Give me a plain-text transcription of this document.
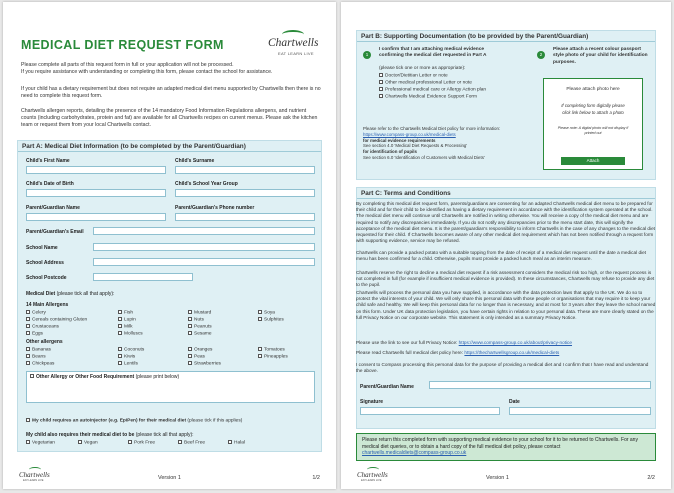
MEDICAL DIET REQUEST FORM	Chartwells
EAT LEARN LIVE
Please complete all parts of this request form in full or your application will not be processed.
If you require assistance with understanding or completing this form, please contact the school for assistance.
If your child has a dietary requirement but does not require an adapted medical diet menu supported by Chartwells then there is no need to complete this request form.
Chartwells allergen reports, detailing the presence of the 14 mandatory Food Information Regulations allergens, and nutrient counts (including carbohydrates, protein and fat) are available for all Chartwells recipes on current menus. Please ask the kitchen team or request them from your local Chartwells contact.
Part A: Medical Diet Information (to be completed by the Parent/Guardian)
Child's First Name	Child's Surname
Child's Date of Birth	Child's School Year Group
Parent/Guardian Name	Parent/Guardian's Phone number
Parent/Guardian's Email
School Name
School Address
School Postcode
Medical Diet (please tick all that apply):
14 Main Allergens
Celery	Fish	Mustard	Soya
Cereals containing Gluten	Lupin	Nuts	Sulphites
Crustaceans	Milk	Peanuts
Eggs	Molluscs	Sesame
Other allergens
Bananas	Coconuts	Oranges	Tomatoes
Beans	Kiwis	Peas	Pineapples
Chickpeas	Lentils	Strawberries
Other Allergy or Other Food Requirement (please print below)
My child requires an autoinjector (e.g. EpiPen) for their medical diet (please tick if this applies)
My child also requires their medical diet to be (please tick all that apply):
Vegetarian	Vegan	Pork Free	Beef Free	Halal
Chartwells
EAT LEARN LIVE	Version 1	1/2
Part B: Supporting Documentation (to be provided by the Parent/Guardian)
1
I confirm that I am attaching medical evidence confirming the medical diet requested in Part A
(please tick one or more as appropriate):
Doctor/Dietitian Letter or note
Other medical professional Letter or note
Professional medical care or Allergy Action plan
Chartwells Medical Evidence Support Form
Please refer to the Chartwells Medical Diet policy for more information:
https://www.compass-group.co.uk/medical-diets
for medical evidence requirements
See section 4.0 'Medical Diet Requests & Processing'
for identification of pupils
See section 6.0 'Identification of Customers with Medical Diets'
2
Please attach a recent colour passport style photo of your child for identification purposes.
Please attach photo here
If completing form digitally please click link below to attach a photo
Please note: A digital photo will not display if printed out
Attach
Part C: Terms and Conditions
By completing this medical diet request form, parents/guardians are consenting for an adapted Chartwells medical diet menu to be prepared for their child and for their child to be identified as having a dietary requirement in accordance with the identification system operated at the school. The medical diet menu will continue until Chartwells are notified in writing otherwise. You will receive a copy of the medical diet menu and are required to notify any discrepancies immediately. If you do not notify any discrepancies prior to the menu start date, this will signify the acceptance of the medical diet menu. It is the parent/guardian's responsibility to inform Chartwells in the case of any changes to the medical diet requested for their child. If Chartwells becomes aware of any other medical diet requirement which has not been notified through a request form with supporting evidence, service may be refused.
Chartwells can provide a packed potato with a suitable topping from the date of receipt of a medical diet request until the date a medical diet menu has been confirmed for a child. Otherwise, pupils must provide a packed lunch meal as an interim measure.
Chartwells reserve the right to decline a medical diet request if a risk assessment considers the medical risk too high, or the request process is not completed in full (for example if insufficient medical evidence is provided). In these circumstances, Chartwells may refuse to provide any diet to the pupil.
Chartwells will process the personal data you have supplied, in accordance with the data protection laws that apply to the UK. We do so to protect the vital interests of your child. We will only share this personal data with those people or organisations that may require it to keep your child safe and healthy. We will keep this personal data for no longer than is necessary, and at most for 3 years after they leave the school named on this form. Under UK data protection legislation, you have certain rights in relation to your personal data. These are more clearly stated on the full Privacy Notice on our corporate website. This statement is only intended as a summary Privacy Notice.
Please use the link to see our full Privacy Notice: https://www.compass-group.co.uk/about/privacy-notice
Please read Chartwells full medical diet policy here: https://thechartwellsgroup.co.uk/medical-diets
I consent to Compass processing this personal data for the purpose of providing a medical diet and I confirm that I have read and understand the above.
Parent/Guardian Name
Signature	Date
Please return this completed form with supporting medical evidence to your school for it to be returned to Chartwells. For any medical diet queries, or to obtain a hard copy of the full medical diet policy, please contact
chartwells.medicaldiets@compass-group.co.uk
Chartwells
EAT LEARN LIVE	Version 1	2/2
